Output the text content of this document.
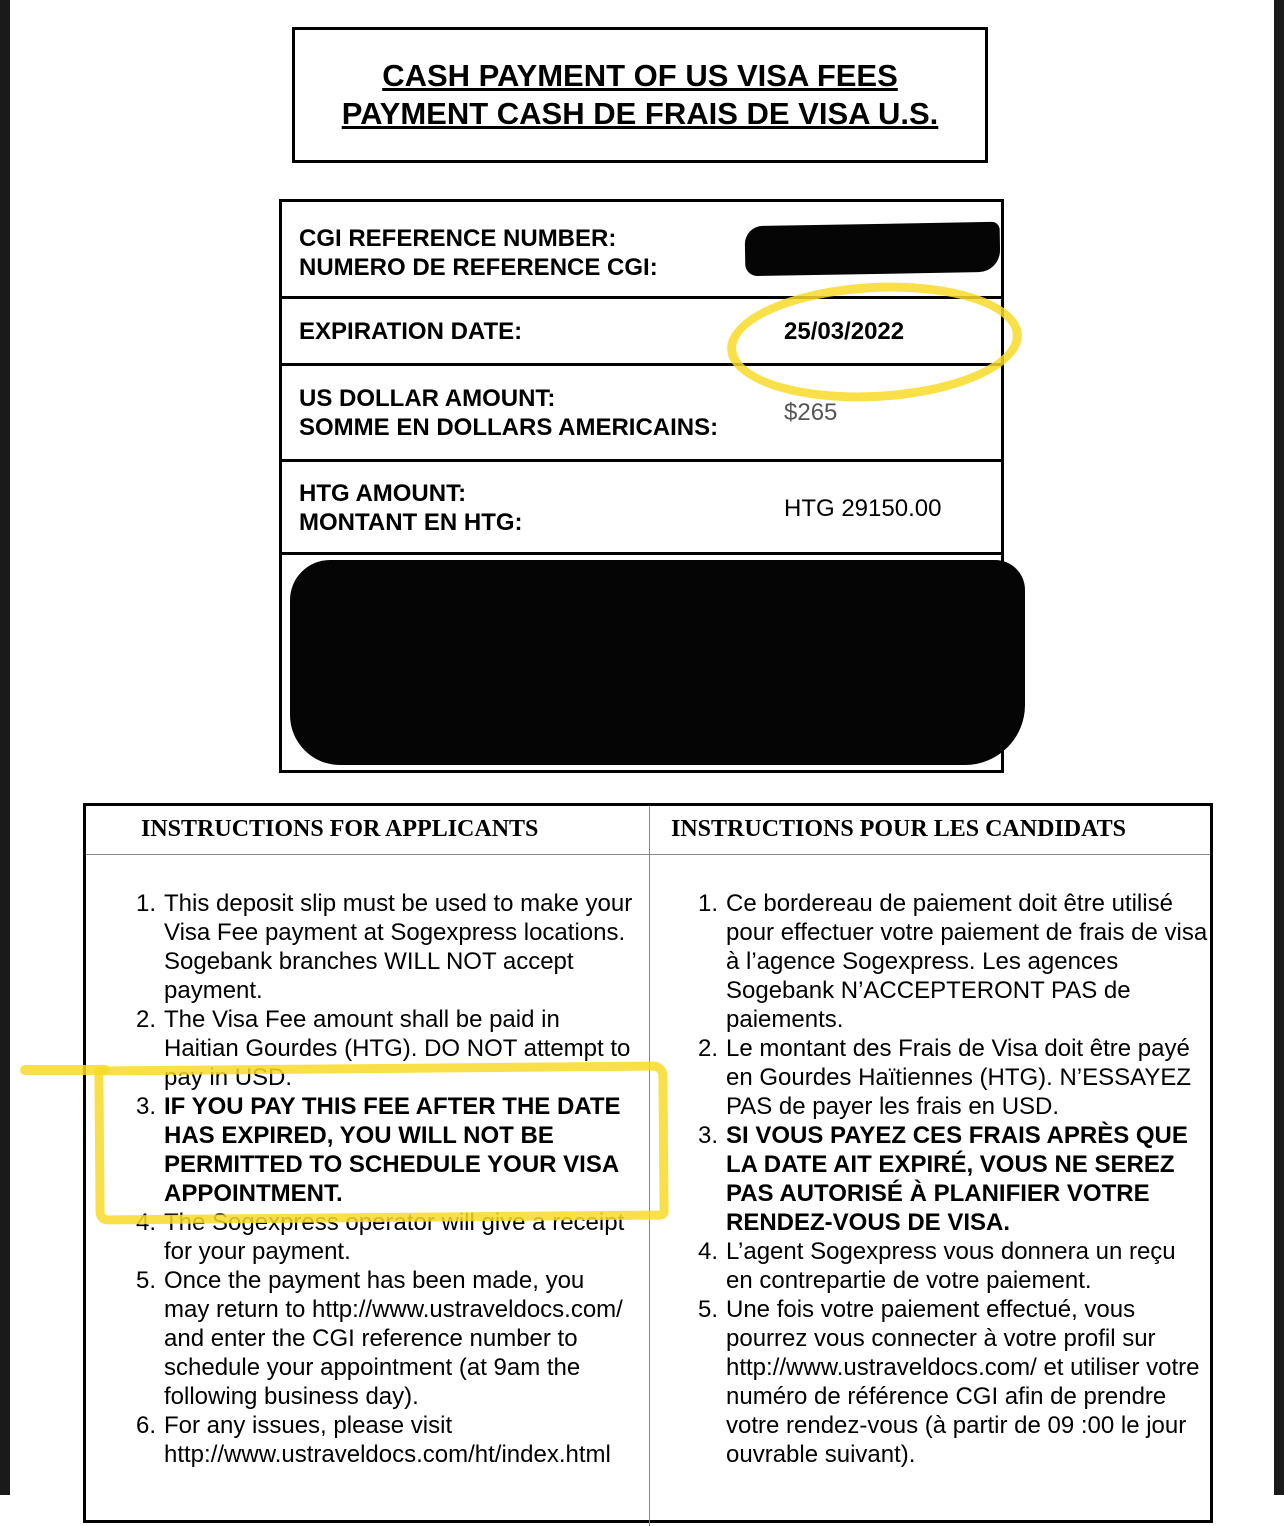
CASH PAYMENT OF US VISA FEES
PAYMENT CASH DE FRAIS DE VISA U.S.
CGI REFERENCE NUMBER:
NUMERO DE REFERENCE CGI:
EXPIRATION DATE:	25/03/2022
US DOLLAR AMOUNT:
SOMME EN DOLLARS AMERICAINS:
$265
HTG AMOUNT:
MONTANT EN HTG:
HTG 29150.00
INSTRUCTIONS FOR APPLICANTS	INSTRUCTIONS POUR LES CANDIDATS
1. This deposit slip must be used to make your Visa Fee payment at Sogexpress locations. Sogebank branches WILL NOT accept payment.
2. The Visa Fee amount shall be paid in Haitian Gourdes (HTG). DO NOT attempt to pay in USD.
3. IF YOU PAY THIS FEE AFTER THE DATE HAS EXPIRED, YOU WILL NOT BE PERMITTED TO SCHEDULE YOUR VISA APPOINTMENT.
4. The Sogexpress operator will give a receipt for your payment.
5. Once the payment has been made, you may return to http://www.ustraveldocs.com/ and enter the CGI reference number to schedule your appointment (at 9am the following business day).
6. For any issues, please visit http://www.ustraveldocs.com/ht/index.html
1. Ce bordereau de paiement doit être utilisé pour effectuer votre paiement de frais de visa à l’agence Sogexpress. Les agences Sogebank N’ACCEPTERONT PAS de paiements.
2. Le montant des Frais de Visa doit être payé en Gourdes Haïtiennes (HTG). N’ESSAYEZ PAS de payer les frais en USD.
3. SI VOUS PAYEZ CES FRAIS APRÈS QUE LA DATE AIT EXPIRÉ, VOUS NE SEREZ PAS AUTORISÉ À PLANIFIER VOTRE RENDEZ-VOUS DE VISA.
4. L’agent Sogexpress vous donnera un reçu en contrepartie de votre paiement.
5. Une fois votre paiement effectué, vous pourrez vous connecter à votre profil sur http://www.ustraveldocs.com/ et utiliser votre numéro de référence CGI afin de prendre votre rendez-vous (à partir de 09 :00 le jour ouvrable suivant).
